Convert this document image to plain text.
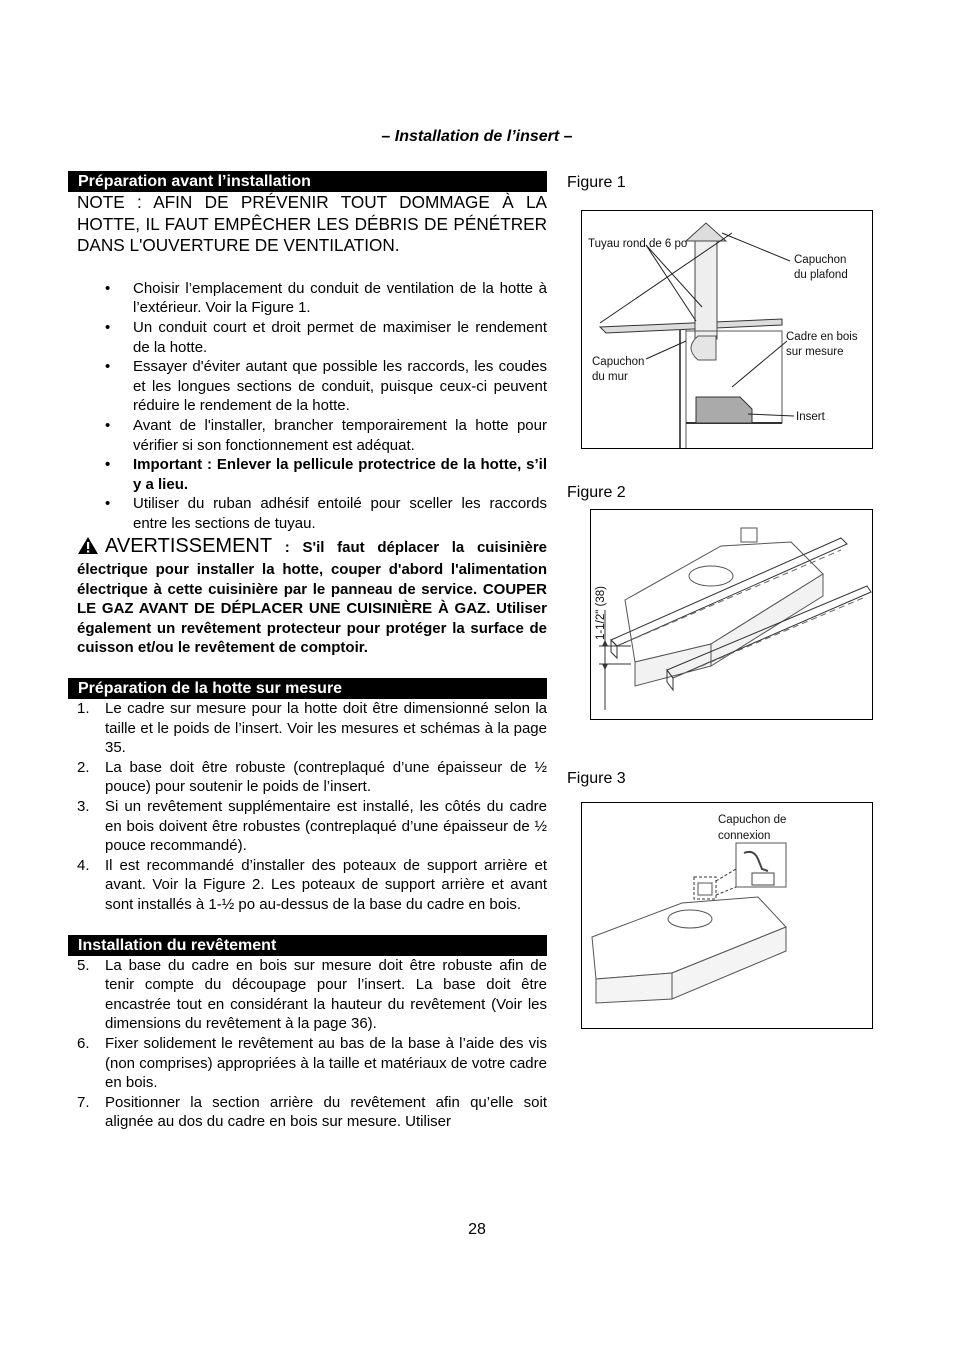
– Installation de l’insert –
Préparation avant l’installation

NOTE : AFIN DE PRÉVENIR TOUT DOMMAGE À LA HOTTE, IL FAUT EMPÊCHER LES DÉBRIS DE PÉNÉTRER DANS L'OUVERTURE DE VENTILATION.

• Choisir l’emplacement du conduit de ventilation de la hotte à l’extérieur. Voir la Figure 1.
• Un conduit court et droit permet de maximiser le rendement de la hotte.
• Essayer d'éviter autant que possible les raccords, les coudes et les longues sections de conduit, puisque ceux-ci peuvent réduire le rendement de la hotte.
• Avant de l'installer, brancher temporairement la hotte pour vérifier si son fonctionnement est adéquat.
• Important : Enlever la pellicule protectrice de la hotte, s’il y a lieu.
• Utiliser du ruban adhésif entoilé pour sceller les raccords entre les sections de tuyau.
AVERTISSEMENT : S'il faut déplacer la cuisinière électrique pour installer la hotte, couper d'abord l'alimentation électrique à cette cuisinière par le panneau de service. COUPER LE GAZ AVANT DE DÉPLACER UNE CUISINIÈRE À GAZ. Utiliser également un revêtement protecteur pour protéger la surface de cuisson et/ou le revêtement de comptoir.
Préparation de la hotte sur mesure
1. Le cadre sur mesure pour la hotte doit être dimensionné selon la taille et le poids de l’insert. Voir les mesures et schémas à la page 35.
2. La base doit être robuste (contreplaqué d’une épaisseur de ½ pouce) pour soutenir le poids de l’insert.
3. Si un revêtement supplémentaire est installé, les côtés du cadre en bois doivent être robustes (contreplaqué d’une épaisseur de ½ pouce recommandé).
4. Il est recommandé d’installer des poteaux de support arrière et avant. Voir la Figure 2. Les poteaux de support arrière et avant sont installés à 1-½ po au-dessus de la base du cadre en bois.
Installation du revêtement
5. La base du cadre en bois sur mesure doit être robuste afin de tenir compte du découpage pour l’insert. La base doit être encastrée tout en considérant la hauteur du revêtement (Voir les dimensions du revêtement à la page 36).
6. Fixer solidement le revêtement au bas de la base à l’aide des vis (non comprises) appropriées à la taille et matériaux de votre cadre en bois.
7. Positionner la section arrière du revêtement afin qu’elle soit alignée au dos du cadre en bois sur mesure. Utiliser
Figure 1
Tuyau rond de 6 po
Capuchon
du plafond
Cadre en bois
sur mesure
Capuchon
du mur
Insert
Figure 2
1-1/2" (38)
Figure 3
Capuchon de
connexion
28
